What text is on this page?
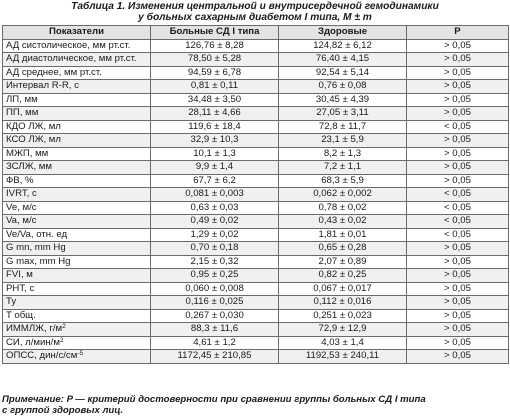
Таблица 1. Изменения центральной и внутрисердечной гемодинамики
у больных сахарным диабетом I типа, M ± m
Показатели	Больные СД I типа	Здоровые	P
АД систолическое, мм рт.ст.	126,76 ± 8,28	124,82 ± 6,12	> 0,05
АД диастолическое, мм рт.ст.	78,50 ± 5,28	76,40 ± 4,15	> 0,05
АД среднее, мм рт.ст.	94,59 ± 6,78	92,54 ± 5,14	> 0,05
Интервал R-R, с	0,81 ± 0,11	0,76 ± 0,08	> 0,05
ЛП, мм	34,48 ± 3,50	30,45 ± 4,39	> 0,05
ПП, мм	28,11 ± 4,66	27,05 ± 3,11	> 0,05
КДО ЛЖ, мл	119,6 ± 18,4	72,8 ± 11,7	< 0,05
КСО ЛЖ, мл	32,9 ± 10,3	23,1 ± 5,9	> 0,05
МЖП, мм	10,1 ± 1,3	8,2 ± 1,3	> 0,05
ЗСЛЖ, мм	9,9 ± 1,4	7,2 ± 1,1	> 0,05
ФВ, %	67,7 ± 6,2	68,3 ± 5,9	> 0,05
IVRT, с	0,081 ± 0,003	0,062 ± 0,002	< 0,05
Ve, м/с	0,63 ± 0,03	0,78 ± 0,02	< 0,05
Va, м/с	0,49 ± 0,02	0,43 ± 0,02	< 0,05
Ve/Va, отн. ед	1,29 ± 0,02	1,81 ± 0,01	< 0,05
G mn, mm Hg	0,70 ± 0,18	0,65 ± 0,28	> 0,05
G max, mm Hg	2,15 ± 0,32	2,07 ± 0,89	> 0,05
FVI, м	0,95 ± 0,25	0,82 ± 0,25	> 0,05
PHT, с	0,060 ± 0,008	0,067 ± 0,017	> 0,05
Ty	0,116 ± 0,025	0,112 ± 0,016	> 0,05
T общ.	0,267 ± 0,030	0,251 ± 0,023	> 0,05
ИММЛЖ, $г/м^2$	88,3 ± 11,6	72,9 ± 12,9	> 0,05
СИ, $л/мин/м^2$	4,61 ± 1,2	4,03 ± 1,4	> 0,05
ОПСС, дин/$с/см^{-5}$	1172,45 ± 210,85	1192,53 ± 240,11	> 0,05
Примечание: P — критерий достоверности при сравнении группы больных СД I типа
с группой здоровых лиц.
